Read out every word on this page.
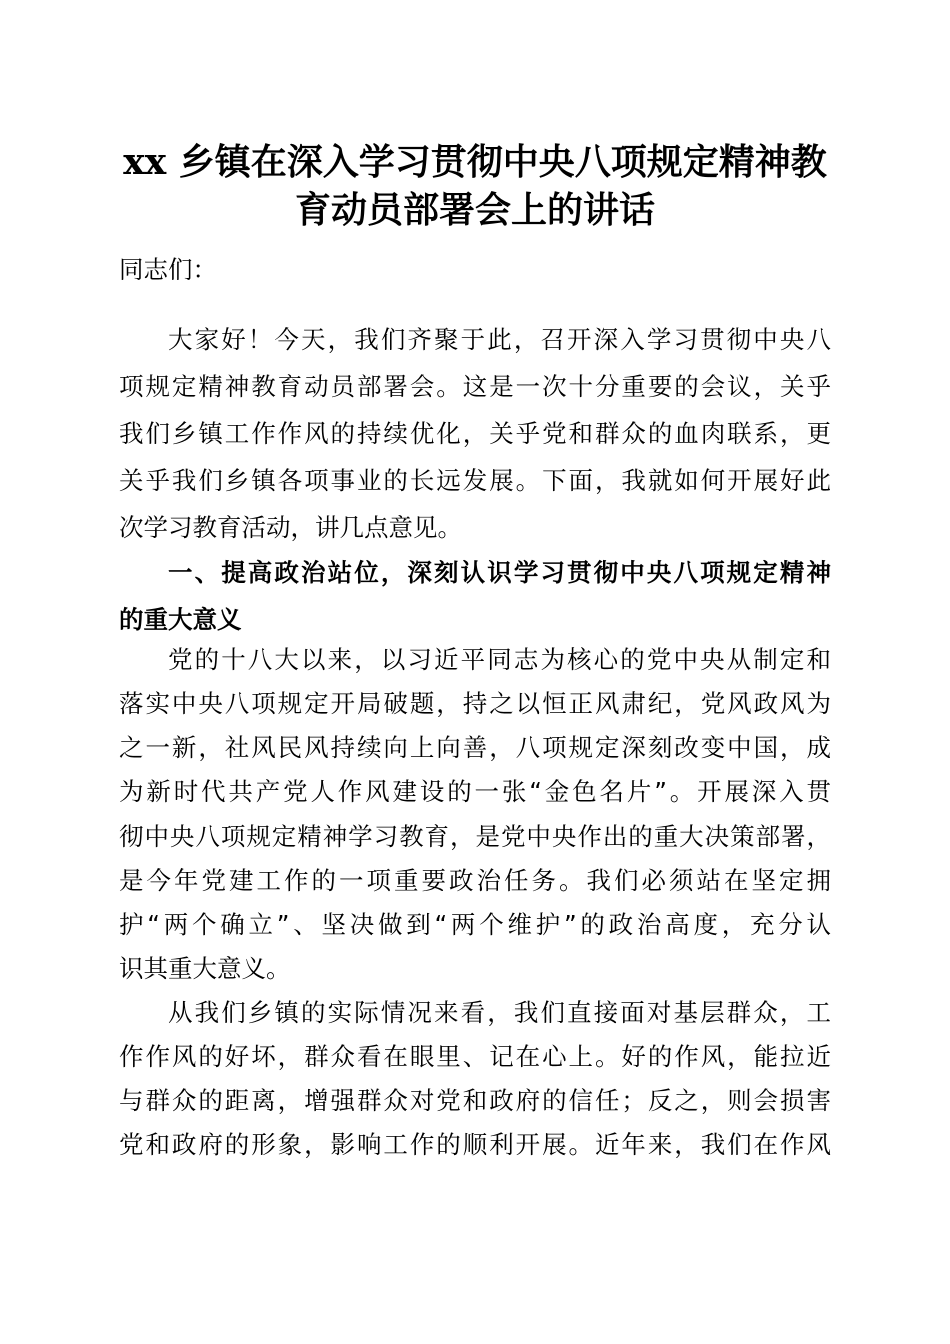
xx 乡镇在深入学习贯彻中央八项规定精神教
育动员部署会上的讲话
同志们：
大家好！今天，我们齐聚于此，召开深入学习贯彻中央八
项规定精神教育动员部署会。这是一次十分重要的会议，关乎
我们乡镇工作作风的持续优化，关乎党和群众的血肉联系，更
关乎我们乡镇各项事业的长远发展。下面，我就如何开展好此
次学习教育活动，讲几点意见。
一、提高政治站位，深刻认识学习贯彻中央八项规定精神
的重大意义
党的十八大以来，以习近平同志为核心的党中央从制定和
落实中央八项规定开局破题，持之以恒正风肃纪，党风政风为
之一新，社风民风持续向上向善，八项规定深刻改变中国，成
为新时代共产党人作风建设的一张“金色名片”。开展深入贯
彻中央八项规定精神学习教育，是党中央作出的重大决策部署，
是今年党建工作的一项重要政治任务。我们必须站在坚定拥
护“两个确立”、坚决做到“两个维护”的政治高度，充分认
识其重大意义。
从我们乡镇的实际情况来看，我们直接面对基层群众，工
作作风的好坏，群众看在眼里、记在心上。好的作风，能拉近
与群众的距离，增强群众对党和政府的信任；反之，则会损害
党和政府的形象，影响工作的顺利开展。近年来，我们在作风
